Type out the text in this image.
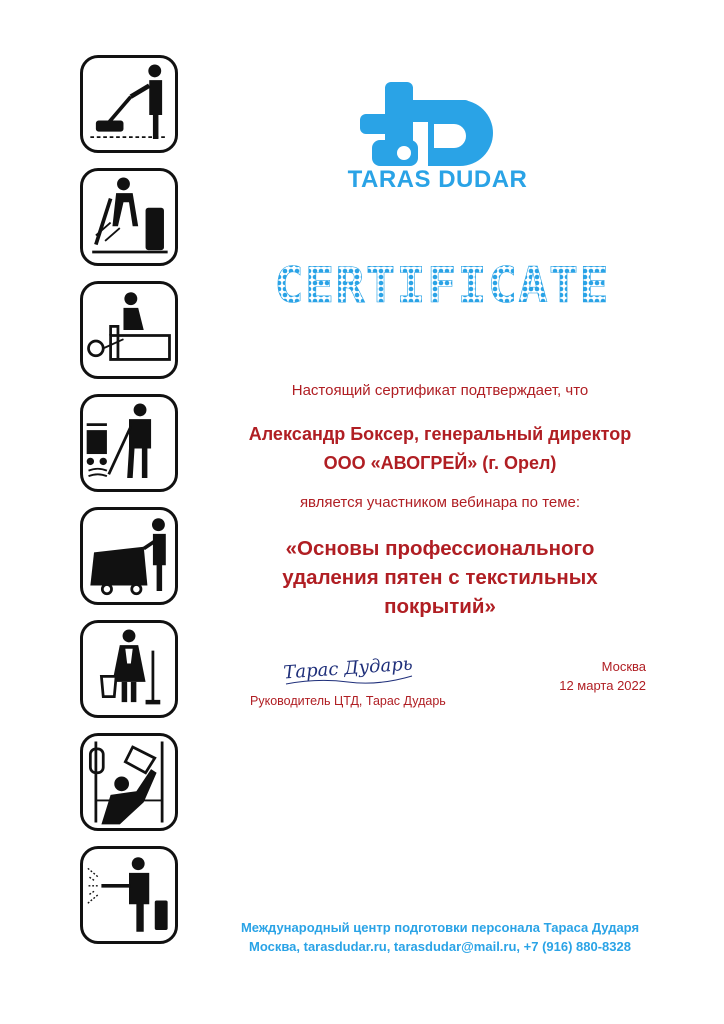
TARAS DUDAR
CERTIFICATE
Настоящий сертификат подтверждает, что
Александр Боксер, генеральный директор
ООО «АВОГРЕЙ» (г. Орел)
является участником вебинара по теме:
«Основы профессионального
удаления пятен с текстильных
покрытий»
Тарас Дударь
Руководитель ЦТД, Тарас Дударь
Москва
12 марта 2022
Международный центр подготовки персонала Тараса Дударя
Москва, tarasdudar.ru, tarasdudar@mail.ru, +7 (916) 880-8328
